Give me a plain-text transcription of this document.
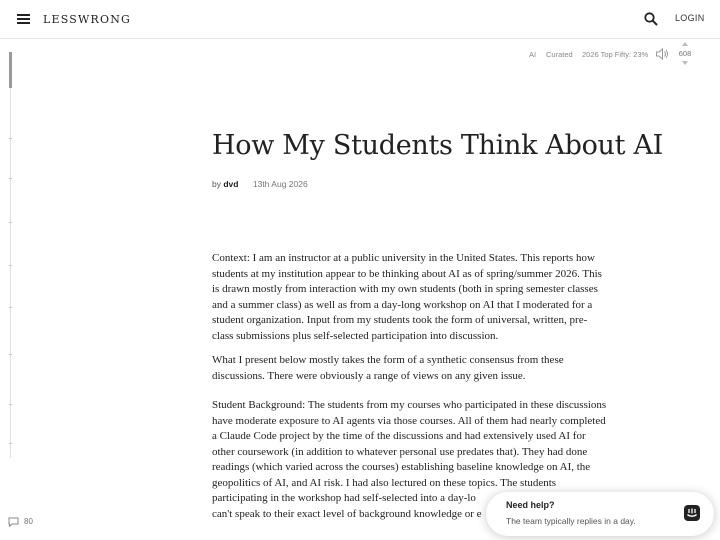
LESSWRONG	LOGIN
AI Curated 2026 Top Fifty: 23%	608
How My Students Think About AI
by dvd 13th Aug 2026

Context: I am an instructor at a public university in the United States. This reports how
students at my institution appear to be thinking about AI as of spring/summer 2026. This
is drawn mostly from interaction with my own students (both in spring semester classes
and a summer class) as well as from a day-long workshop on AI that I moderated for a
student organization. Input from my students took the form of universal, written, pre-
class submissions plus self-selected participation into discussion.

What I present below mostly takes the form of a synthetic consensus from these
discussions. There were obviously a range of views on any given issue.

Student Background: The students from my courses who participated in these discussions
have moderate exposure to AI agents via those courses. All of them had nearly completed
a Claude Code project by the time of the discussions and had extensively used AI for
other coursework (in addition to whatever personal use predates that). They had done
readings (which varied across the courses) establishing baseline knowledge on AI, the
geopolitics of AI, and AI risk. I had also lectured on these topics. The students
participating in the workshop had self-selected into a day-lo
can't speak to their exact level of background knowledge or e

80
Need help?
The team typically replies in a day.
